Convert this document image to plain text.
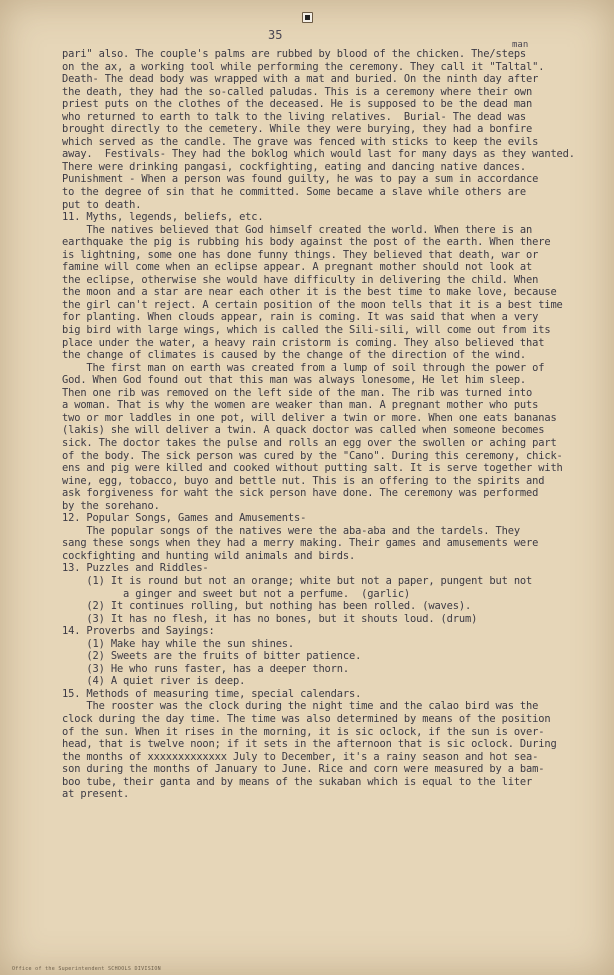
35
man
pari" also. The couple's palms are rubbed by blood of the chicken. The/steps
on the ax, a working tool while performing the ceremony. They call it "Taltal".
Death- The dead body was wrapped with a mat and buried. On the ninth day after
the death, they had the so-called paludas. This is a ceremony where their own
priest puts on the clothes of the deceased. He is supposed to be the dead man
who returned to earth to talk to the living relatives.  Burial- The dead was
brought directly to the cemetery. While they were burying, they had a bonfire
which served as the candle. The grave was fenced with sticks to keep the evils
away.  Festivals- They had the boklog which would last for many days as they wanted.
There were drinking pangasi, cockfighting, eating and dancing native dances.
Punishment - When a person was found guilty, he was to pay a sum in accordance
to the degree of sin that he committed. Some became a slave while others are
put to death.
11. Myths, legends, beliefs, etc.
The natives believed that God himself created the world. When there is an
earthquake the pig is rubbing his body against the post of the earth. When there
is lightning, some one has done funny things. They believed that death, war or
famine will come when an eclipse appear. A pregnant mother should not look at
the eclipse, otherwise she would have difficulty in delivering the child. When
the moon and a star are near each other it is the best time to make love, because
the girl can't reject. A certain position of the moon tells that it is a best time
for planting. When clouds appear, rain is coming. It was said that when a very
big bird with large wings, which is called the Sili-sili, will come out from its
place under the water, a heavy rain cristorm is coming. They also believed that
the change of climates is caused by the change of the direction of the wind.
The first man on earth was created from a lump of soil through the power of
God. When God found out that this man was always lonesome, He let him sleep.
Then one rib was removed on the left side of the man. The rib was turned into
a woman. That is why the women are weaker than man. A pregnant mother who puts
two or mor laddles in one pot, will deliver a twin or more. When one eats bananas
(lakis) she will deliver a twin. A quack doctor was called when someone becomes
sick. The doctor takes the pulse and rolls an egg over the swollen or aching part
of the body. The sick person was cured by the "Cano". During this ceremony, chick-
ens and pig were killed and cooked without putting salt. It is serve together with
wine, egg, tobacco, buyo and bettle nut. This is an offering to the spirits and
ask forgiveness for waht the sick person have done. The ceremony was performed
by the sorehano.
12. Popular Songs, Games and Amusements-
The popular songs of the natives were the aba-aba and the tardels. They
sang these songs when they had a merry making. Their games and amusements were
cockfighting and hunting wild animals and birds.
13. Puzzles and Riddles-
(1) It is round but not an orange; white but not a paper, pungent but not
a ginger and sweet but not a perfume.  (garlic)
(2) It continues rolling, but nothing has been rolled. (waves).
(3) It has no flesh, it has no bones, but it shouts loud. (drum)
14. Proverbs and Sayings:
(1) Make hay while the sun shines.
(2) Sweets are the fruits of bitter patience.
(3) He who runs faster, has a deeper thorn.
(4) A quiet river is deep.
15. Methods of measuring time, special calendars.
The rooster was the clock during the night time and the calao bird was the
clock during the day time. The time was also determined by means of the position
of the sun. When it rises in the morning, it is sic oclock, if the sun is over-
head, that is twelve noon; if it sets in the afternoon that is sic oclock. During
the months of xxxxxxxxxxxxx July to December, it's a rainy season and hot sea-
son during the months of January to June. Rice and corn were measured by a bam-
boo tube, their ganta and by means of the sukaban which is equal to the liter
at present.
Office of the Superintendent SCHOOLS DIVISION
